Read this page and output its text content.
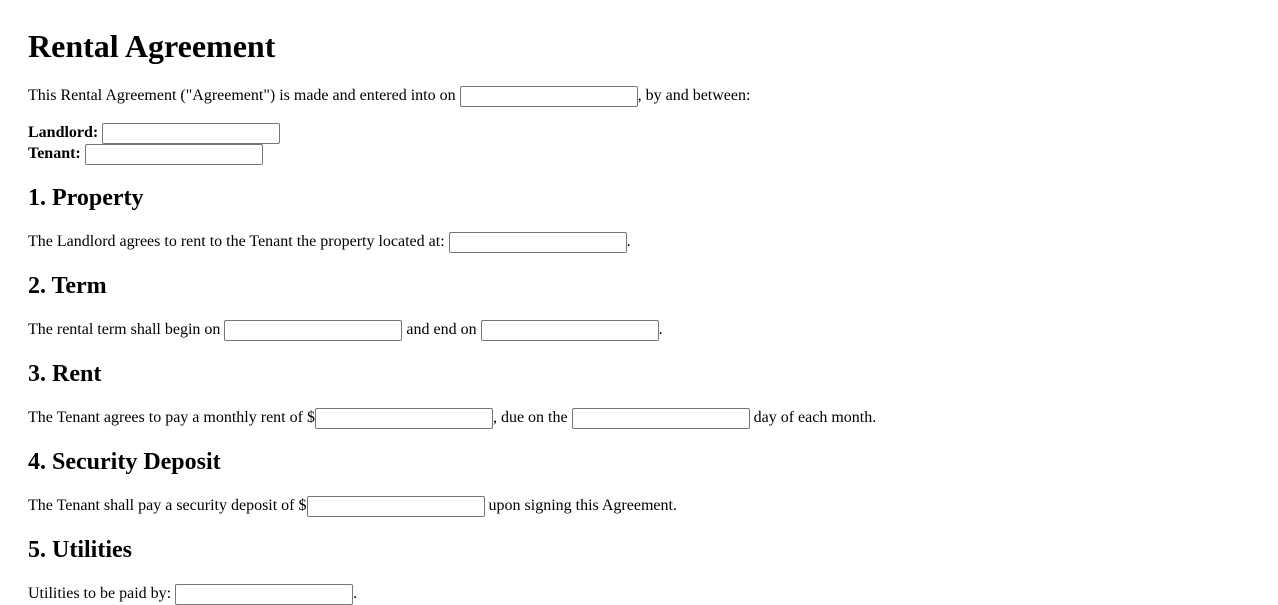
Rental Agreement
This Rental Agreement ("Agreement") is made and entered into on	, by and between:
Landlord:
Tenant:
1. Property
The Landlord agrees to rent to the Tenant the property located at:	.
2. Term
The rental term shall begin on	and end on	.
3. Rent
The Tenant agrees to pay a monthly rent of $	, due on the	day of each month.
4. Security Deposit
The Tenant shall pay a security deposit of $	upon signing this Agreement.
5. Utilities
Utilities to be paid by:	.
